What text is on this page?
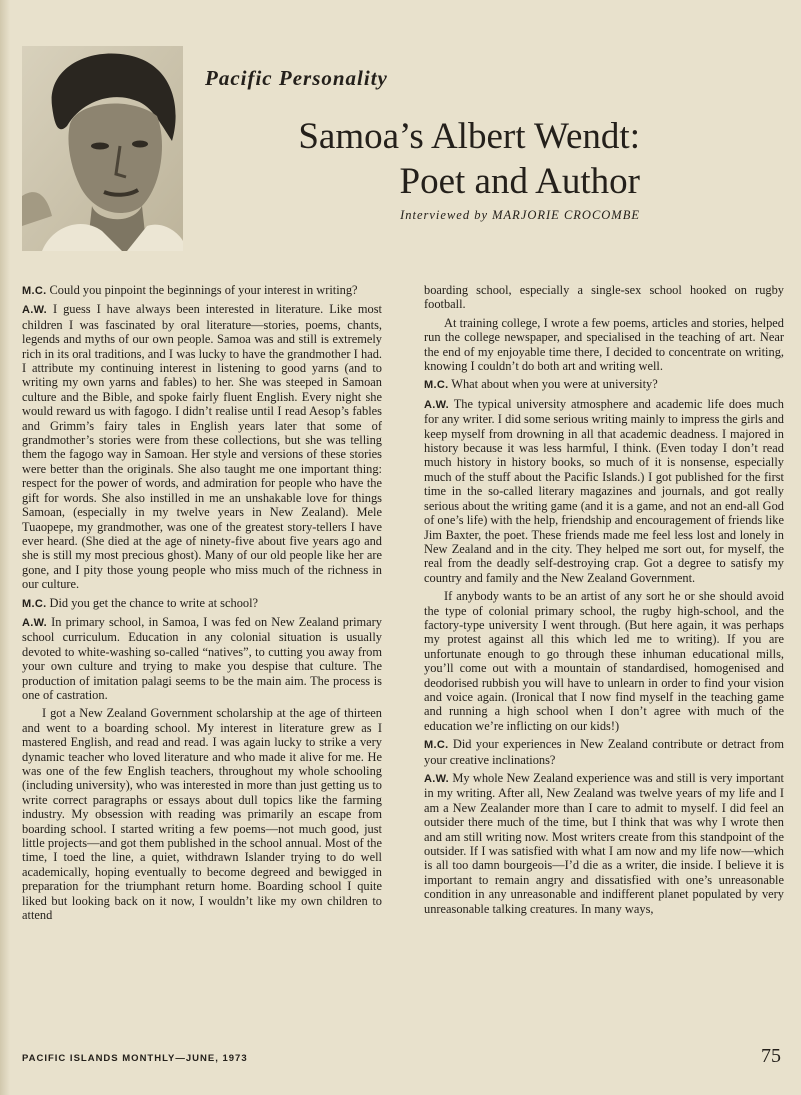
Pacific Personality
Samoa’s Albert Wendt:
Poet and Author
Interviewed by MARJORIE CROCOMBE

M.C. Could you pinpoint the beginnings of your interest in writing?

A.W. I guess I have always been interested in literature. Like most children I was fascinated by oral literature—stories, poems, chants, legends and myths of our own people. Samoa was and still is extremely rich in its oral traditions, and I was lucky to have the grandmother I had. I attribute my continuing interest in listening to good yarns (and to writing my own yarns and fables) to her. She was steeped in Samoan culture and the Bible, and spoke fairly fluent English. Every night she would reward us with fagogo. I didn’t realise until I read Aesop’s fables and Grimm’s fairy tales in English years later that some of grandmother’s stories were from these collections, but she was telling them the fagogo way in Samoan. Her style and versions of these stories were better than the originals. She also taught me one important thing: respect for the power of words, and admiration for people who have the gift for words. She also instilled in me an unshakable love for things Samoan, (especially in my twelve years in New Zealand). Mele Tuaopepe, my grandmother, was one of the greatest story-tellers I have ever heard. (She died at the age of ninety-five about five years ago and she is still my most precious ghost). Many of our old people like her are gone, and I pity those young people who miss much of the richness in our culture.

M.C. Did you get the chance to write at school?

A.W. In primary school, in Samoa, I was fed on New Zealand primary school curriculum. Education in any colonial situation is usually devoted to white-washing so-called “natives”, to cutting you away from your own culture and trying to make you despise that culture. The production of imitation palagi seems to be the main aim. The process is one of castration.

I got a New Zealand Government scholarship at the age of thirteen and went to a boarding school. My interest in literature grew as I mastered English, and read and read. I was again lucky to strike a very dynamic teacher who loved literature and who made it alive for me. He was one of the few English teachers, throughout my whole schooling (including university), who was interested in more than just getting us to write correct paragraphs or essays about dull topics like the farming industry. My obsession with reading was primarily an escape from boarding school. I started writing a few poems—not much good, just little projects—and got them published in the school annual. Most of the time, I toed the line, a quiet, withdrawn Islander trying to do well academically, hoping eventually to become degreed and bewigged in preparation for the triumphant return home. Boarding school I quite liked but looking back on it now, I wouldn’t like my own children to attend

boarding school, especially a single-sex school hooked on rugby football.

At training college, I wrote a few poems, articles and stories, helped run the college newspaper, and specialised in the teaching of art. Near the end of my enjoyable time there, I decided to concentrate on writing, knowing I couldn’t do both art and writing well.

M.C. What about when you were at university?

A.W. The typical university atmosphere and academic life does much for any writer. I did some serious writing mainly to impress the girls and keep myself from drowning in all that academic deadness. I majored in history because it was less harmful, I think. (Even today I don’t read much history in history books, so much of it is nonsense, especially much of the stuff about the Pacific Islands.) I got published for the first time in the so-called literary magazines and journals, and got really serious about the writing game (and it is a game, and not an end-all God of one’s life) with the help, friendship and encouragement of friends like Jim Baxter, the poet. These friends made me feel less lost and lonely in New Zealand and in the city. They helped me sort out, for myself, the real from the deadly self-destroying crap. Got a degree to satisfy my country and family and the New Zealand Government.

If anybody wants to be an artist of any sort he or she should avoid the type of colonial primary school, the rugby high-school, and the factory-type university I went through. (But here again, it was perhaps my protest against all this which led me to writing). If you are unfortunate enough to go through these inhuman educational mills, you’ll come out with a mountain of standardised, homogenised and deodorised rubbish you will have to unlearn in order to find your vision and voice again. (Ironical that I now find myself in the teaching game and running a high school when I don’t agree with much of the education we’re inflicting on our kids!)

M.C. Did your experiences in New Zealand contribute or detract from your creative inclinations?

A.W. My whole New Zealand experience was and still is very important in my writing. After all, New Zealand was twelve years of my life and I am a New Zealander more than I care to admit to myself. I did feel an outsider there much of the time, but I think that was why I wrote then and am still writing now. Most writers create from this standpoint of the outsider. If I was satisfied with what I am now and my life now—which is all too damn bourgeois—I’d die as a writer, die inside. I believe it is important to remain angry and dissatisfied with one’s unreasonable condition in any unreasonable and indifferent planet populated by very unreasonable talking creatures. In many ways,

PACIFIC ISLANDS MONTHLY—JUNE, 1973	75
